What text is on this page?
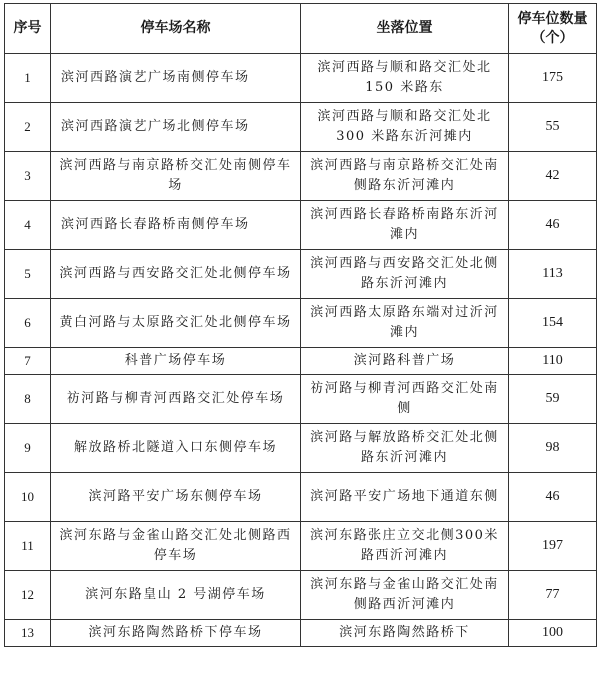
序号	停车场名称	坐落位置	停车位数量（个）
1	滨河西路演艺广场南侧停车场	滨河西路与顺和路交汇处北 150 米路东	175
2	滨河西路演艺广场北侧停车场	滨河西路与顺和路交汇处北 300 米路东沂河摊内	55
3	滨河西路与南京路桥交汇处南侧停车场	滨河西路与南京路桥交汇处南侧路东沂河滩内	42
4	滨河西路长春路桥南侧停车场	滨河西路长春路桥南路东沂河滩内	46
5	滨河西路与西安路交汇处北侧停车场	滨河西路与西安路交汇处北侧路东沂河滩内	113
6	黄白河路与太原路交汇处北侧停车场	滨河西路太原路东端对过沂河滩内	154
7	科普广场停车场	滨河路科普广场	110
8	祊河路与柳青河西路交汇处停车场	祊河路与柳青河西路交汇处南侧	59
9	解放路桥北隧道入口东侧停车场	滨河路与解放路桥交汇处北侧路东沂河滩内	98
10	滨河路平安广场东侧停车场	滨河路平安广场地下通道东侧	46
11	滨河东路与金雀山路交汇处北侧路西停车场	滨河东路张庄立交北侧300米路西沂河滩内	197
12	滨河东路皇山 2 号湖停车场	滨河东路与金雀山路交汇处南侧路西沂河滩内	77
13	滨河东路陶然路桥下停车场	滨河东路陶然路桥下	100
